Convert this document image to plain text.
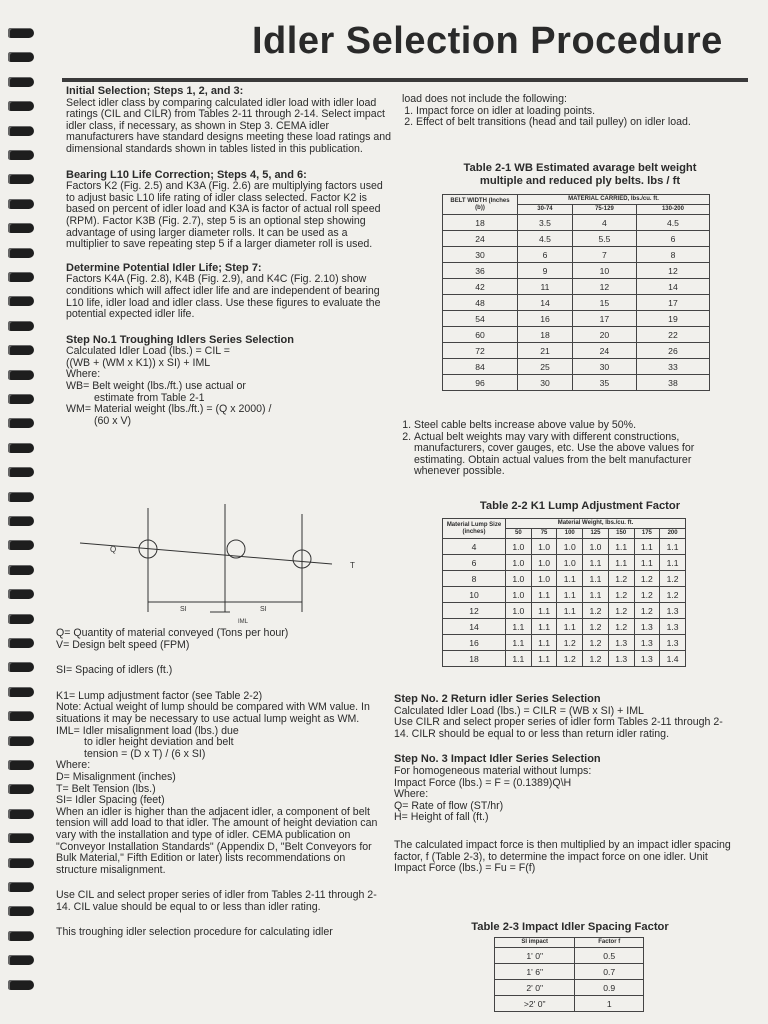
Idler Selection Procedure

Initial Selection; Steps 1, 2, and 3:

Select idler class by comparing calculated idler load with idler load ratings (CIL and CILR) from Tables 2-11 through 2-14. Select impact idler class, if necessary, as shown in Step 3. CEMA idler manufacturers have standard designs meeting these load ratings and dimensional standards shown in tables listed in this publication.

Bearing L10 Life Correction; Steps 4, 5, and 6:

Factors K2 (Fig. 2.5) and K3A (Fig. 2.6) are multiplying factors used to adjust basic L10 life rating of idler class selected. Factor K2 is based on percent of idler load and K3A is factor of actual roll speed (RPM). Factor K3B (Fig. 2.7), step 5 is an optional step showing advantage of using larger diameter rolls. It can be used as a multiplier to save repeating step 5 if a larger diameter roll is used.

Determine Potential Idler Life; Step 7:

Factors K4A (Fig. 2.8), K4B (Fig. 2.9), and K4C (Fig. 2.10) show conditions which will affect idler life and are independent of bearing L10 life, idler load and idler class. Use these figures to evaluate the potential expected idler life.

Step No.1 Troughing Idlers Series Selection

Calculated Idler Load (lbs.) = CIL =

((WB + (WM x K1)) x SI) + IML

Where:

WB= Belt weight (lbs./ft.) use actual or

estimate from Table 2-1

WM= Material weight (lbs./ft.) = (Q x 2000) /

(60 x V)

Q
T
SI	SI
IML

Q= Quantity of material conveyed (Tons per hour)

V= Design belt speed (FPM)

SI= Spacing of idlers (ft.)

K1= Lump adjustment factor (see Table 2-2)

Note: Actual weight of lump should be compared with WM value. In situations it may be necessary to use actual lump weight as WM.

IML= Idler misalignment load (lbs.) due

to idler height deviation and belt

tension = (D x T) / (6 x SI)

Where:

D= Misalignment (inches)

T= Belt Tension (lbs.)

SI= Idler Spacing (feet)

When an idler is higher than the adjacent idler, a component of belt tension will add load to that idler. The amount of height deviation can vary with the installation and type of idler. CEMA publication on "Conveyor Installation Standards" (Appendix D, "Belt Conveyors for Bulk Material," Fifth Edition or later) lists recommendations on structure misalignment.

Use CIL and select proper series of idler from Tables 2-11 through 2-14. CIL value should be equal to or less than idler rating.

This troughing idler selection procedure for calculating idler

load does not include the following:

1. Impact force on idler at loading points.
2. Effect of belt transitions (head and tail pulley) on idler load.
Table 2-1 WB Estimated avarage belt weight
multiple and reduced ply belts. lbs / ft
BELT WIDTH (Inches (b))	MATERIAL CARRIED, lbs./cu. ft.		
	30-74	75-129	130-200
18	3.5	4	4.5
24	4.5	5.5	6
30	6	7	8
36	9	10	12
42	11	12	14
48	14	15	17
54	16	17	19
60	18	20	22
72	21	24	26
84	25	30	33
96	30	35	38
1. Steel cable belts increase above value by 50%.
2. Actual belt weights may vary with different constructions, manufacturers, cover gauges, etc. Use the above values for estimating. Obtain actual values from the belt manufacturer whenever possible.
Table 2-2 K1 Lump Adjustment Factor
Material Lump Size (inches)	Material Weight, lbs./cu. ft.						
	50	75	100	125	150	175	200
4	1.0	1.0	1.0	1.0	1.1	1.1	1.1
6	1.0	1.0	1.0	1.1	1.1	1.1	1.1
8	1.0	1.0	1.1	1.1	1.2	1.2	1.2
10	1.0	1.1	1.1	1.1	1.2	1.2	1.2
12	1.0	1.1	1.1	1.2	1.2	1.2	1.3
14	1.1	1.1	1.1	1.2	1.2	1.3	1.3
16	1.1	1.1	1.2	1.2	1.3	1.3	1.3
18	1.1	1.1	1.2	1.2	1.3	1.3	1.4

Step No. 2 Return idler Series Selection

Calculated Idler Load (lbs.) = CILR = (WB x SI) + IML

Use CILR and select proper series of idler form Tables 2-11 through 2-14. CILR should be equal to or less than return idler rating.

Step No. 3 Impact Idler Series Selection

For homogeneous material without lumps:

Impact Force (lbs.) = F = (0.1389)Q\H

Where:

Q= Rate of flow (ST/hr)

H= Height of fall (ft.)

The calculated impact force is then multiplied by an impact idler spacing factor, f (Table 2-3), to determine the impact force on one idler. Unit Impact Force (lbs.) = Fu = F(f)

Table 2-3 Impact Idler Spacing Factor
SI impact	Factor f
1' 0"	0.5
1' 6"	0.7
2' 0"	0.9
>2' 0"	1
